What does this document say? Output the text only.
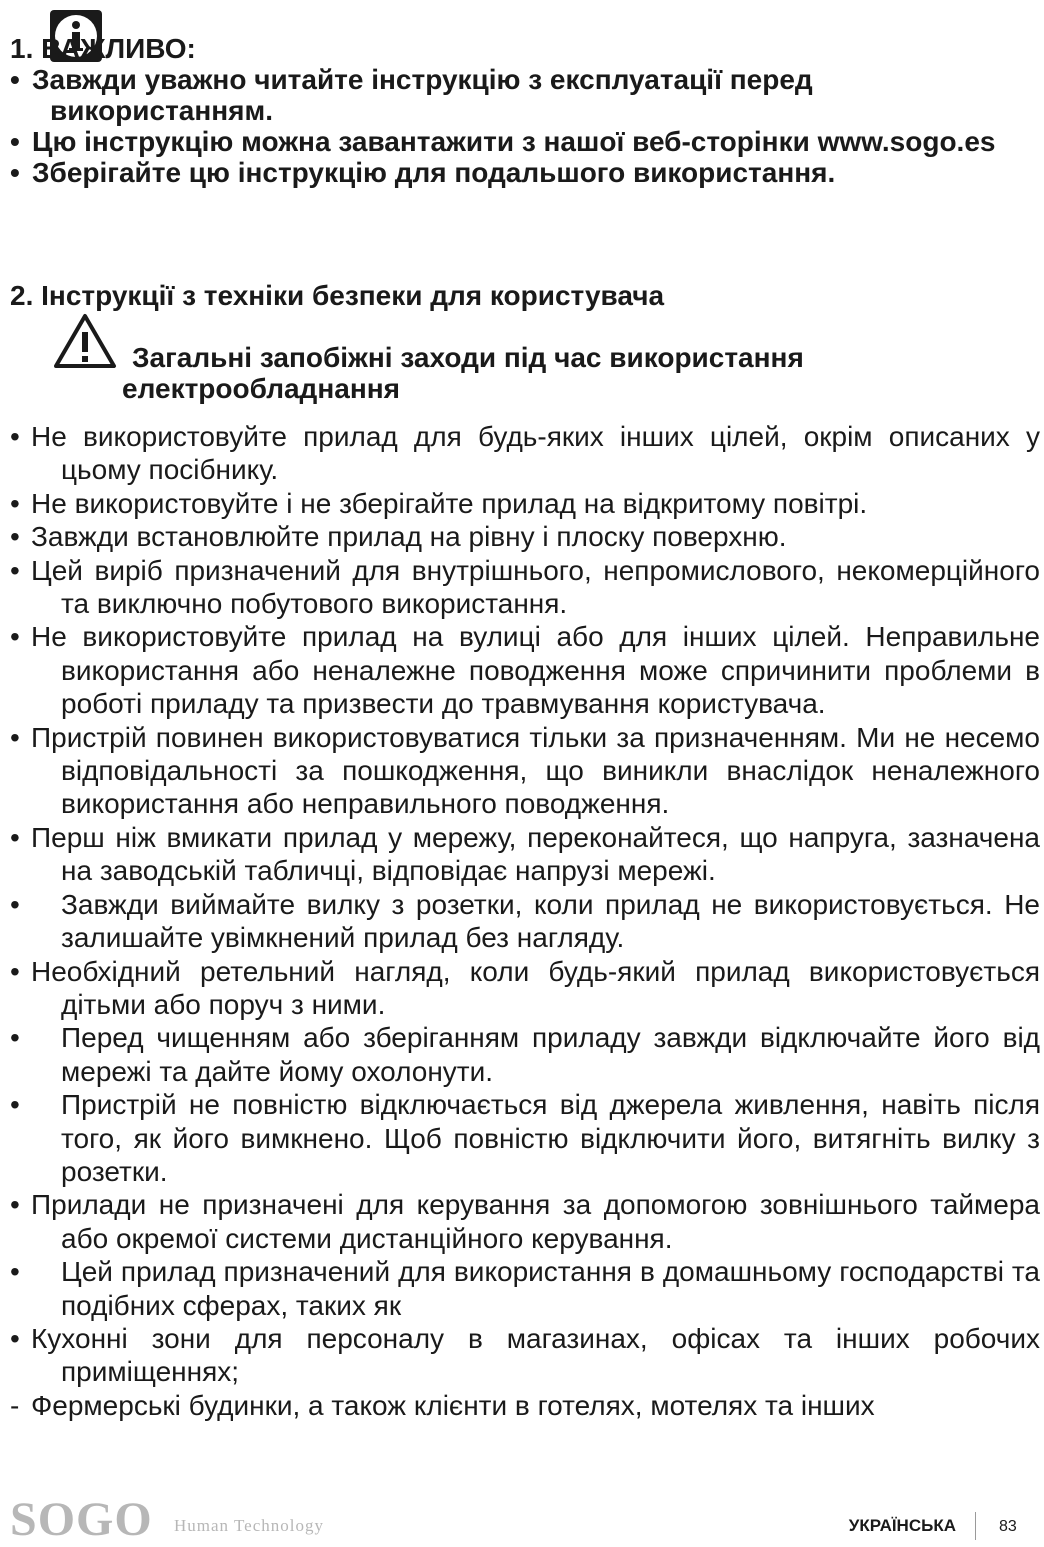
1. ВАЖЛИВО:

• Завжди уважно читайте інструкцію з експлуатації перед використанням.

• Цю інструкцію можна завантажити з нашої веб-сторінки www.sogo.es

• Зберігайте цю інструкцію для подальшого використання.

2. Інструкції з техніки безпеки для користувача

Загальні запобіжні заходи під час використання
електрообладнання

• Не використовуйте прилад для будь-яких інших цілей, окрім описаних у цьому посібнику.

• Не використовуйте і не зберігайте прилад на відкритому повітрі.

• Завжди встановлюйте прилад на рівну і плоску поверхню.

• Цей виріб призначений для внутрішнього, непромислового, некомерційного та виключно побутового використання.

• Не використовуйте прилад на вулиці або для інших цілей. Неправильне використання або неналежне поводження може спричинити проблеми в роботі приладу та призвести до травмування користувача.

• Пристрій повинен використовуватися тільки за призначенням. Ми не несемо відповідальності за пошкодження, що виникли внаслідок неналежного використання або неправильного поводження.

• Перш ніж вмикати прилад у мережу, переконайтеся, що напруга, зазначена на заводській табличці, відповідає напрузі мережі.

• Завжди виймайте вилку з розетки, коли прилад не використовується. Не залишайте увімкнений прилад без нагляду.

• Необхідний ретельний нагляд, коли будь-який прилад використовується дітьми або поруч з ними.

• Перед чищенням або зберіганням приладу завжди відключайте його від мережі та дайте йому охолонути.

• Пристрій не повністю відключається від джерела живлення, навіть після того, як його вимкнено. Щоб повністю відключити його, витягніть вилку з розетки.

• Прилади не призначені для керування за допомогою зовнішнього таймера або окремої системи дистанційного керування.

• Цей прилад призначений для використання в домашньому господарстві та подібних сферах, таких як

• Кухонні зони для персоналу в магазинах, офісах та інших робочих приміщеннях;

- Фермерські будинки, а також клієнти в готелях, мотелях та інших

SOGO Human Technology	УКРАЇНСЬКА	83
